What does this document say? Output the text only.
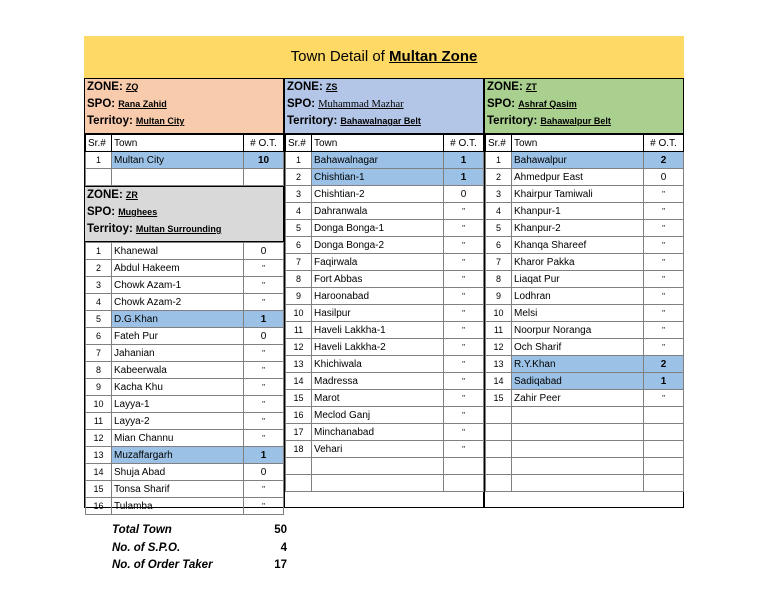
Town Detail of Multan Zone
ZONE: ZQ
SPO: Rana Zahid
Territoy: Multan City
Sr.#	Town	# O.T.
1	Multan City	10

ZONE: ZR
SPO: Mughees
Territoy: Multan Surrounding
1	Khanewal	0
2	Abdul Hakeem	"
3	Chowk Azam-1	"
4	Chowk Azam-2	"
5	D.G.Khan	1
6	Fateh Pur	0
7	Jahanian	"
8	Kabeerwala	"
9	Kacha Khu	"
10	Layya-1	"
11	Layya-2	"
12	Mian Channu	"
13	Muzaffargarh	1
14	Shuja Abad	0
15	Tonsa Sharif	"
16	Tulamba	"
ZONE: ZS
SPO: Muhammad Mazhar
Territory: Bahawalnagar Belt
Sr.#	Town	# O.T.
1	Bahawalnagar	1
2	Chishtian-1	1
3	Chishtian-2	0
4	Dahranwala	"
5	Donga Bonga-1	"
6	Donga Bonga-2	"
7	Faqirwala	"
8	Fort Abbas	"
9	Haroonabad	"
10	Hasilpur	"
11	Haveli Lakkha-1	"
12	Haveli Lakkha-2	"
13	Khichiwala	"
14	Madressa	"
15	Marot	"
16	Meclod Ganj	"
17	Minchanabad	"
18	Vehari	"

ZONE: ZT
SPO: Ashraf Qasim
Territory: Bahawalpur Belt
Sr.#	Town	# O.T.
1	Bahawalpur	2
2	Ahmedpur East	0
3	Khairpur Tamiwali	"
4	Khanpur-1	"
5	Khanpur-2	"
6	Khanqa Shareef	"
7	Kharor Pakka	"
8	Liaqat Pur	"
9	Lodhran	"
10	Melsi	"
11	Noorpur Noranga	"
12	Och Sharif	"
13	R.Y.Khan	2
14	Sadiqabad	1
15	Zahir Peer	"

Total Town	50
No. of S.P.O.	4
No. of Order Taker	17
